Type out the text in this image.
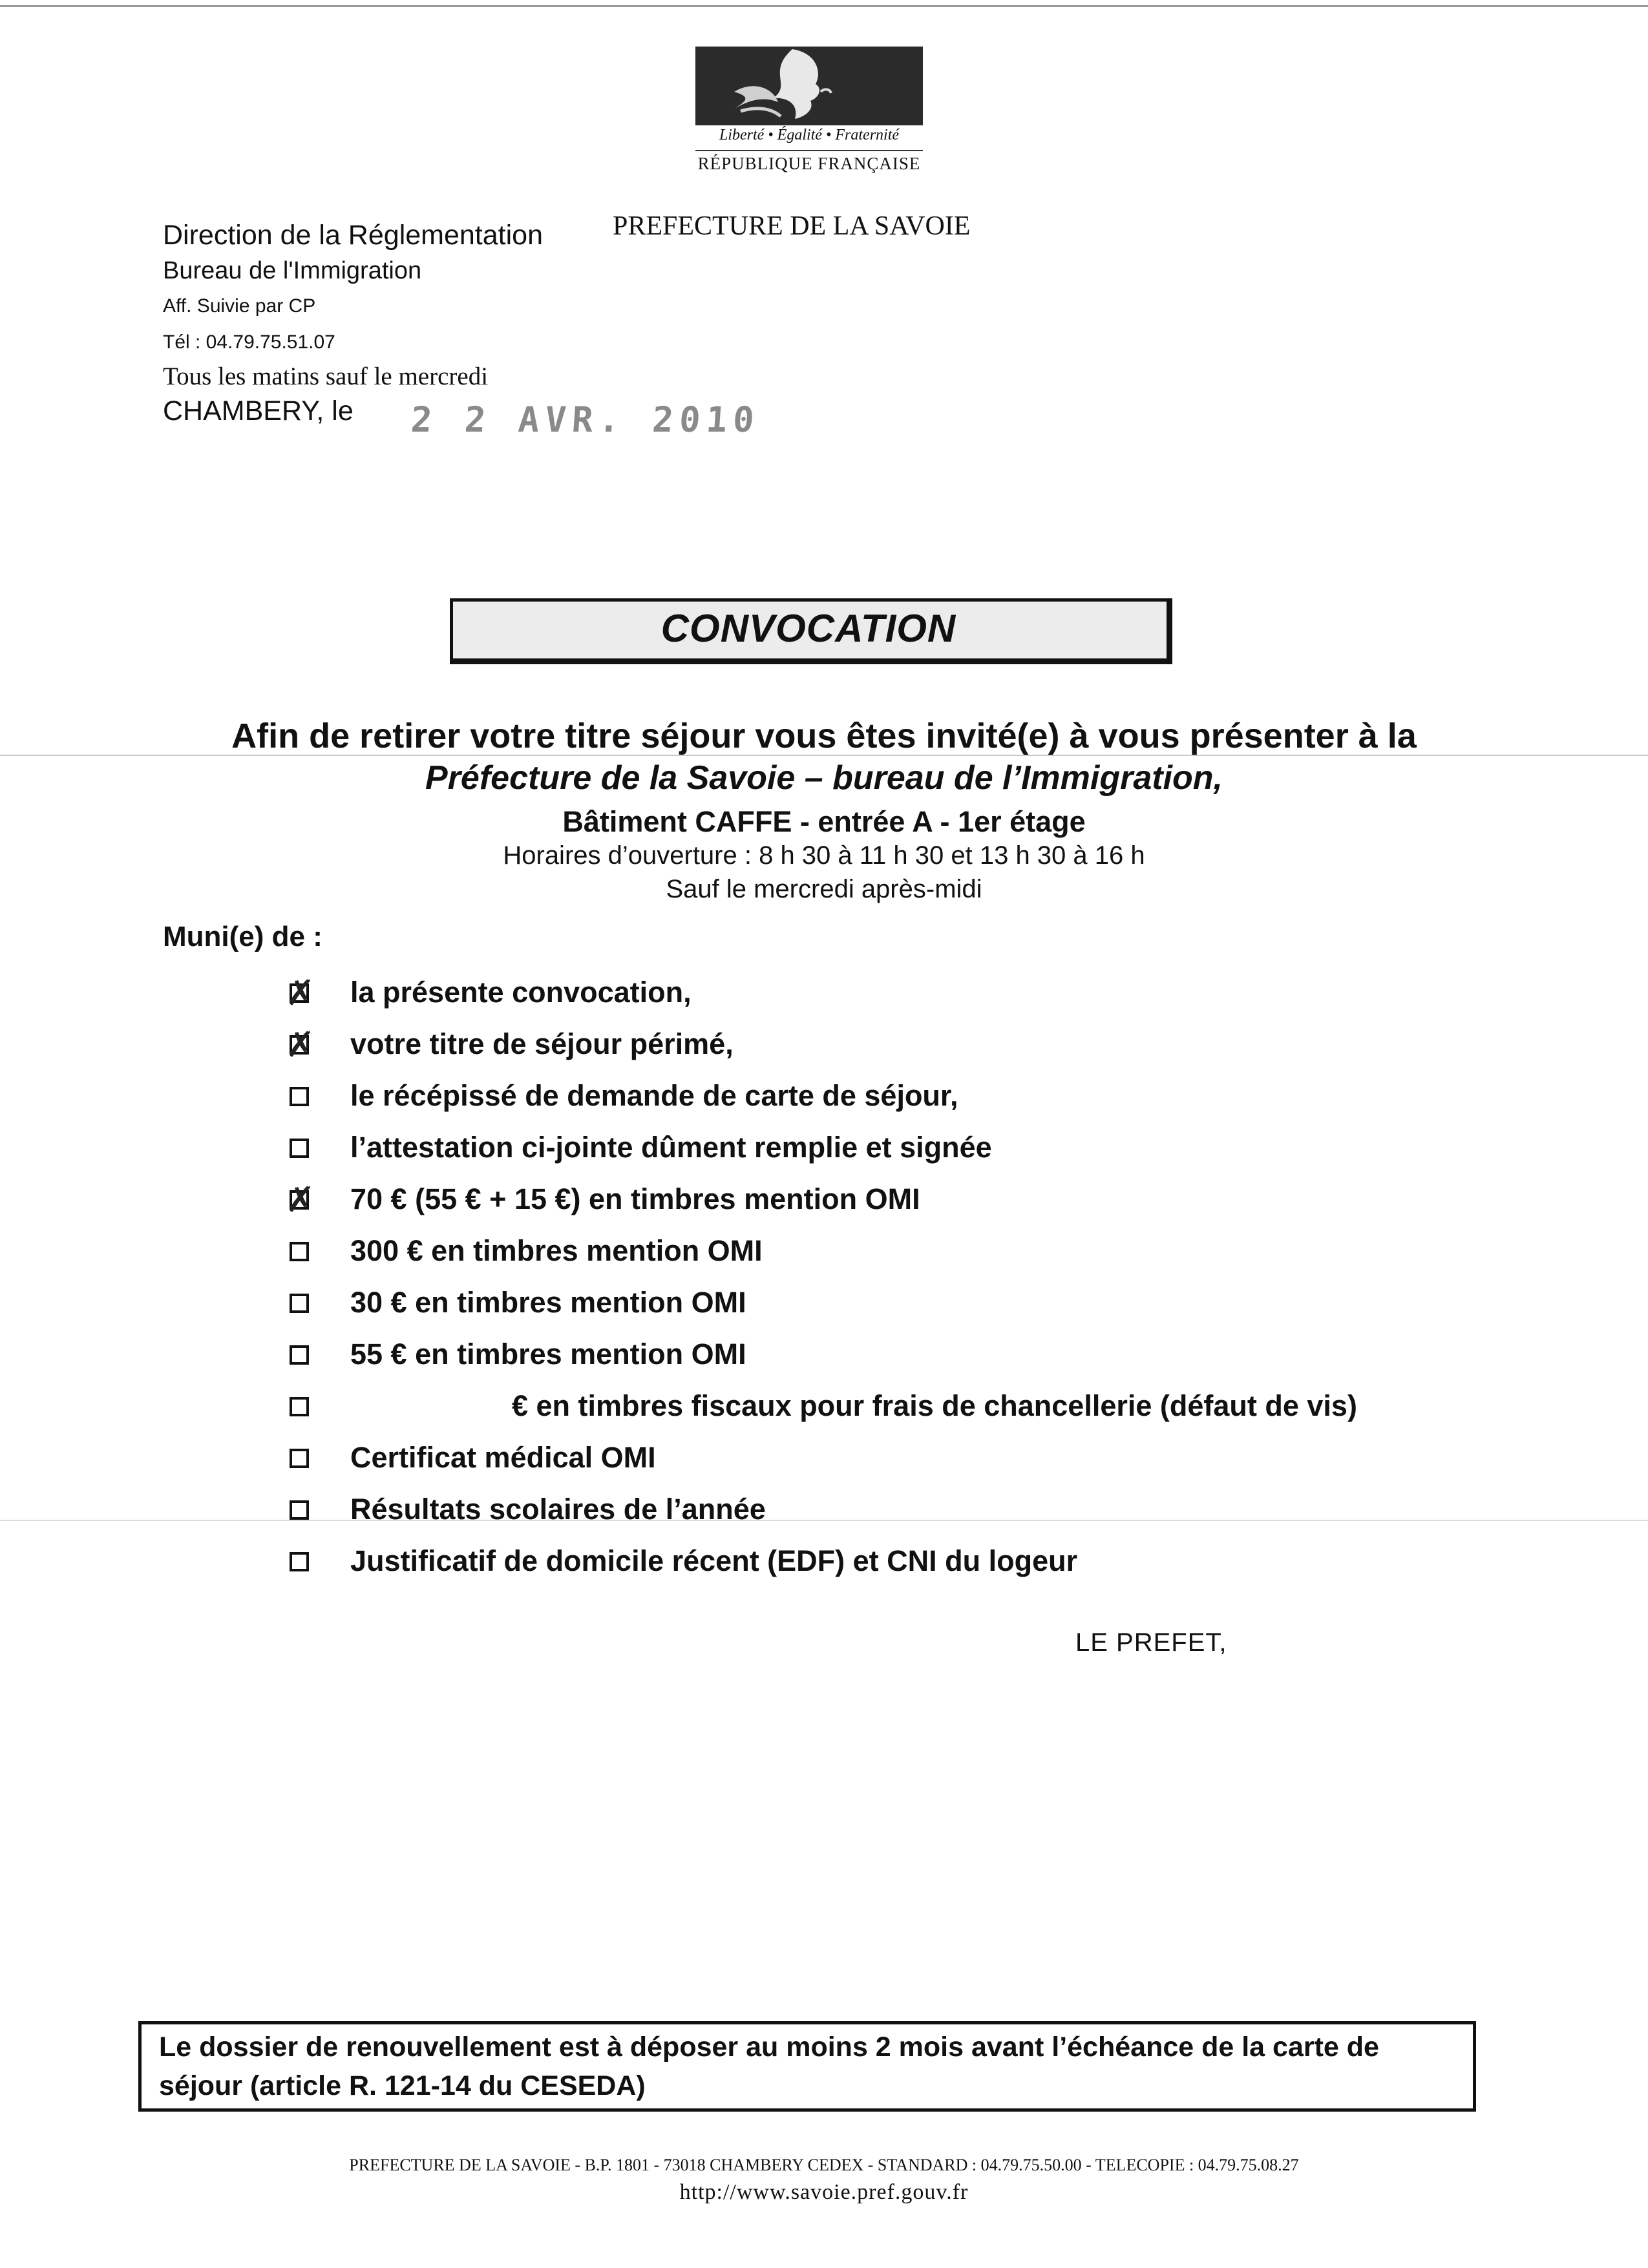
Liberté • Égalité • Fraternité
RÉPUBLIQUE FRANÇAISE
Direction de la Réglementation
Bureau de l'Immigration
Aff. Suivie par CP
Tél : 04.79.75.51.07
Tous les matins sauf le mercredi
CHAMBERY, le 2 2 AVR. 2010
PREFECTURE DE LA SAVOIE
CONVOCATION
Afin de retirer votre titre séjour vous êtes invité(e) à vous présenter à la
Préfecture de la Savoie – bureau de l’Immigration,
Bâtiment CAFFE - entrée A - 1er étage
Horaires d’ouverture : 8 h 30 à 11 h 30 et 13 h 30 à 16 h
Sauf le mercredi après-midi
Muni(e) de :
✗ la présente convocation,
✗ votre titre de séjour périmé,
le récépissé de demande de carte de séjour,
l’attestation ci-jointe dûment remplie et signée
✗ 70 € (55 € + 15 €) en timbres mention OMI
300 € en timbres mention OMI
30 € en timbres mention OMI
55 € en timbres mention OMI
€ en timbres fiscaux pour frais de chancellerie (défaut de vis)
Certificat médical OMI
Résultats scolaires de l’année
Justificatif de domicile récent (EDF) et CNI du logeur
LE PREFET,
Le dossier de renouvellement est à déposer au moins 2 mois avant l’échéance de la carte de séjour (article R. 121-14 du CESEDA)
PREFECTURE DE LA SAVOIE - B.P. 1801 - 73018 CHAMBERY CEDEX - STANDARD : 04.79.75.50.00 - TELECOPIE : 04.79.75.08.27
http://www.savoie.pref.gouv.fr
